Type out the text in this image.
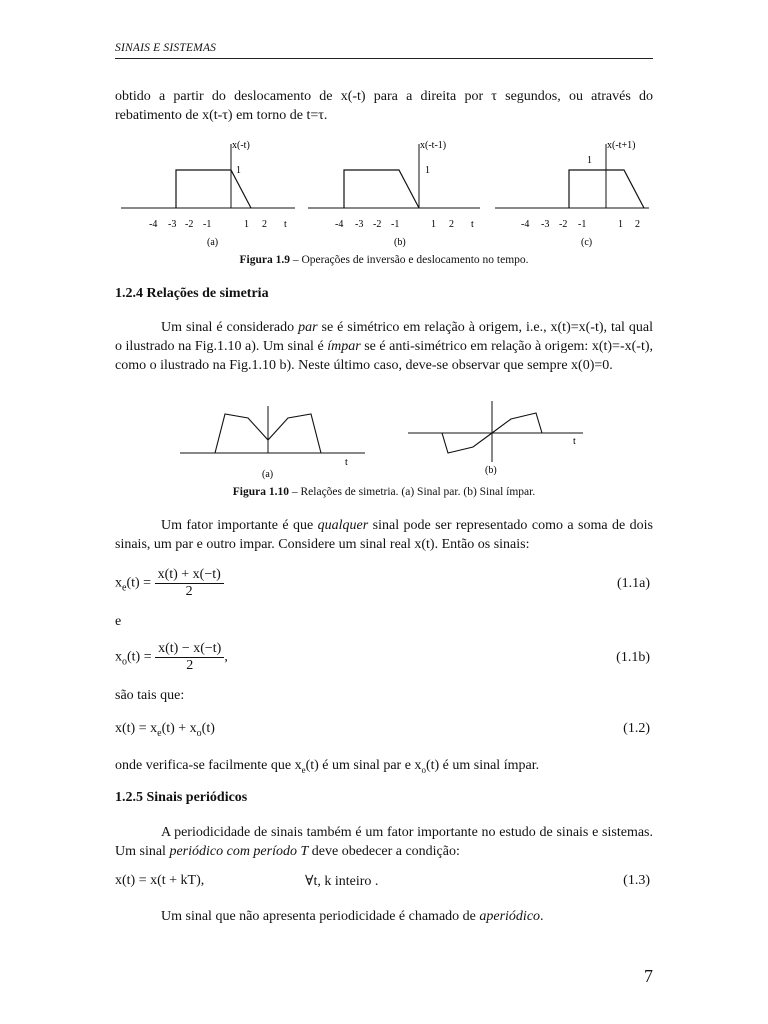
SINAIS E SISTEMAS
obtido a partir do deslocamento de x(-t) para a direita por τ segundos, ou através do
rebatimento de x(t-τ) em torno de t=τ.
x(-t)
1
-4 -3 -2 -1	1 2 t
(a)
x(-t-1)
1
-4 -3 -2 -1	1 2 t
(b)
x(-t+1)
1
-4 -3 -2 -1	1 2
(c)
Figura 1.9 – Operações de inversão e deslocamento no tempo.
1.2.4 Relações de simetria
Um sinal é considerado par se é simétrico em relação à origem, i.e., x(t)=x(-t), tal qual o ilustrado na Fig.1.10 a). Um sinal é ímpar se é anti-simétrico em relação à origem: x(t)=-x(-t), como o ilustrado na Fig.1.10 b). Neste último caso, deve-se observar que sempre x(0)=0.
t
(a)
t
(b)
Figura 1.10 – Relações de simetria. (a) Sinal par. (b) Sinal ímpar.
Um fator importante é que qualquer sinal pode ser representado como a soma de dois sinais, um par e outro impar. Considere um sinal real x(t). Então os sinais:
$x_e(t) = \frac{x(t) + x(-t)}{2}$	(1.1a)
e
$x_o(t) = \frac{x(t) - x(-t)}{2}$ ,	(1.1b)
são tais que:
$x(t) = x_e(t) + x_o(t)$	(1.2)
onde verifica-se facilmente que $x_e(t)$ é um sinal par e $x_o(t)$ é um sinal ímpar.
1.2.5 Sinais periódicos
A periodicidade de sinais também é um fator importante no estudo de sinais e sistemas. Um sinal periódico com período T deve obedecer a condição:
x(t) = x(t + kT),	∀t, k inteiro .	(1.3)
Um sinal que não apresenta periodicidade é chamado de aperiódico.
7
